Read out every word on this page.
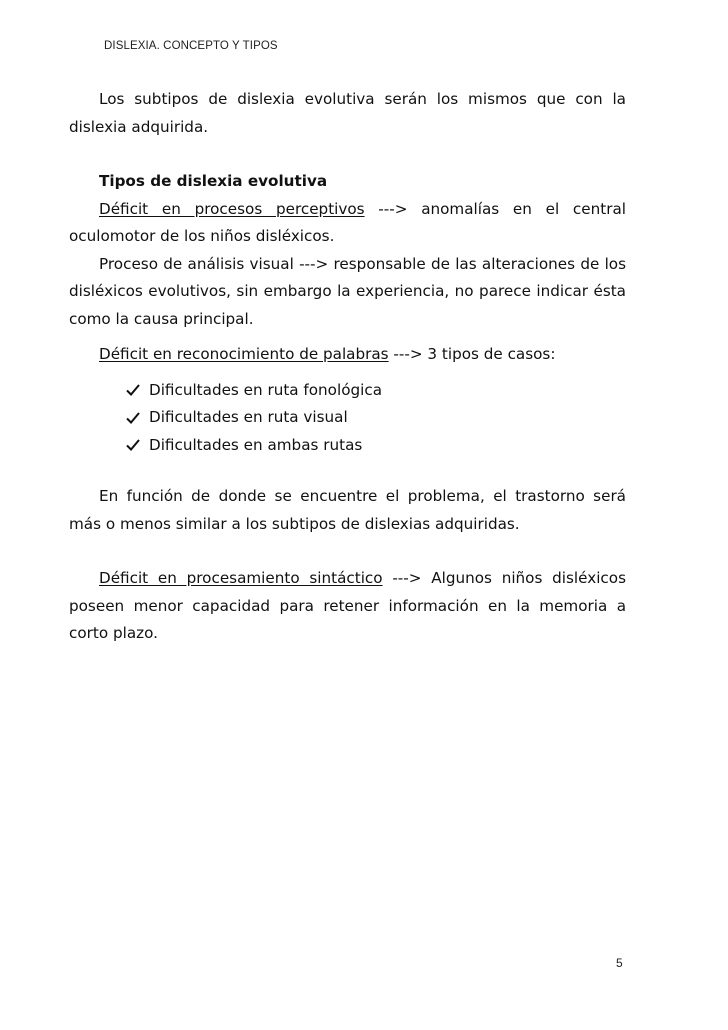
DISLEXIA. CONCEPTO Y TIPOS

Los subtipos de dislexia evolutiva serán los mismos que con la dislexia adquirida.

Tipos de dislexia evolutiva

Déficit en procesos perceptivos ---> anomalías en el central oculomotor de los niños disléxicos.

Proceso de análisis visual ---> responsable de las alteraciones de los disléxicos evolutivos, sin embargo la experiencia, no parece indicar ésta como la causa principal.

Déficit en reconocimiento de palabras ---> 3 tipos de casos:

Dificultades en ruta fonológica
Dificultades en ruta visual
Dificultades en ambas rutas

En función de donde se encuentre el problema, el trastorno será más o menos similar a los subtipos de dislexias adquiridas.

Déficit en procesamiento sintáctico ---> Algunos niños disléxicos poseen menor capacidad para retener información en la memoria a corto plazo.

5
